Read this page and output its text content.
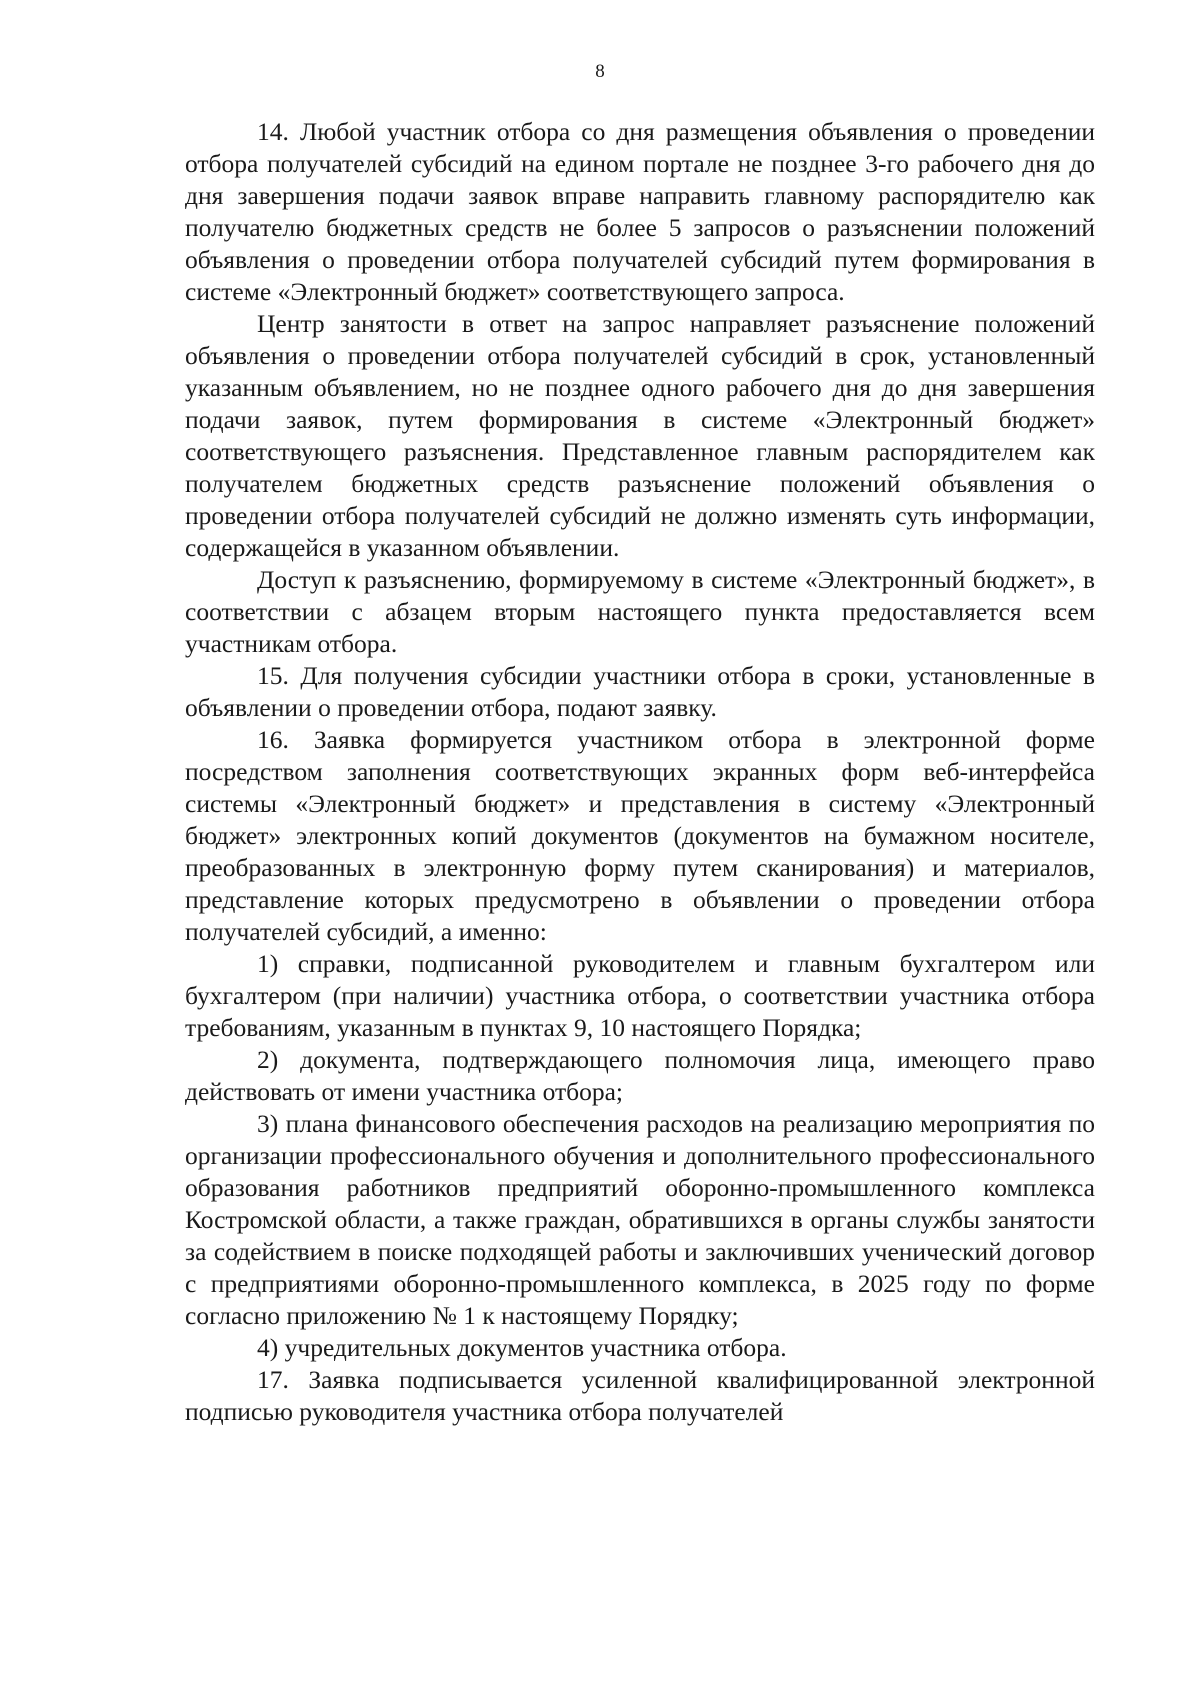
8

14. Любой участник отбора со дня размещения объявления о проведении отбора получателей субсидий на едином портале не позднее 3-го рабочего дня до дня завершения подачи заявок вправе направить главному распорядителю как получателю бюджетных средств не более 5 запросов о разъяснении положений объявления о проведении отбора получателей субсидий путем формирования в системе «Электронный бюджет» соответствующего запроса.

Центр занятости в ответ на запрос направляет разъяснение положений объявления о проведении отбора получателей субсидий в срок, установленный указанным объявлением, но не позднее одного рабочего дня до дня завершения подачи заявок, путем формирования в системе «Электронный бюджет» соответствующего разъяснения. Представленное главным распорядителем как получателем бюджетных средств разъяснение положений объявления о проведении отбора получателей субсидий не должно изменять суть информации, содержащейся в указанном объявлении.

Доступ к разъяснению, формируемому в системе «Электронный бюджет», в соответствии с абзацем вторым настоящего пункта предоставляется всем участникам отбора.

15. Для получения субсидии участники отбора в сроки, установленные в объявлении о проведении отбора, подают заявку.

16. Заявка формируется участником отбора в электронной форме посредством заполнения соответствующих экранных форм веб-интерфейса системы «Электронный бюджет» и представления в систему «Электронный бюджет» электронных копий документов (документов на бумажном носителе, преобразованных в электронную форму путем сканирования) и материалов, представление которых предусмотрено в объявлении о проведении отбора получателей субсидий, а именно:

1) справки, подписанной руководителем и главным бухгалтером или бухгалтером (при наличии) участника отбора, о соответствии участника отбора требованиям, указанным в пунктах 9, 10 настоящего Порядка;

2) документа, подтверждающего полномочия лица, имеющего право действовать от имени участника отбора;

3) плана финансового обеспечения расходов на реализацию мероприятия по организации профессионального обучения и дополнительного профессионального образования работников предприятий оборонно-промышленного комплекса Костромской области, а также граждан, обратившихся в органы службы занятости за содействием в поиске подходящей работы и заключивших ученический договор с предприятиями оборонно-промышленного комплекса, в 2025 году по форме согласно приложению № 1 к настоящему Порядку;

4) учредительных документов участника отбора.

17. Заявка подписывается усиленной квалифицированной электронной подписью руководителя участника отбора получателей
